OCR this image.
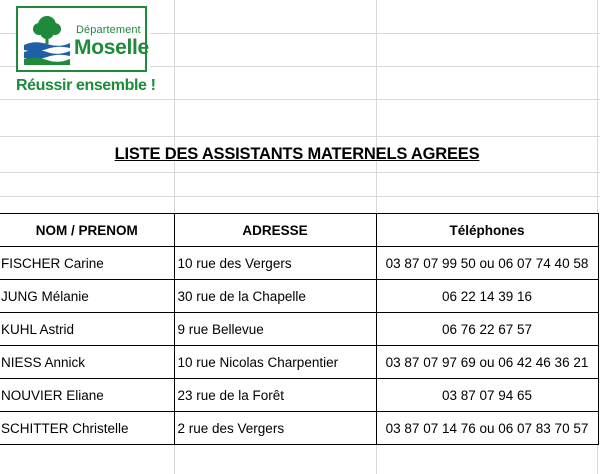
Département
Moselle
Réussir ensemble !
LISTE DES ASSISTANTS MATERNELS AGREES
NOM / PRENOM	ADRESSE	Téléphones
FISCHER Carine	10 rue des Vergers	03 87 07 99 50 ou 06 07 74 40 58
JUNG Mélanie	30 rue de la Chapelle	06 22 14 39 16
KUHL Astrid	9 rue Bellevue	06 76 22 67 57
NIESS Annick	10 rue Nicolas Charpentier	03 87 07 97 69 ou 06 42 46 36 21
NOUVIER Eliane	23 rue de la Forêt	03 87 07 94 65
SCHITTER Christelle	2 rue des Vergers	03 87 07 14 76 ou 06 07 83 70 57
